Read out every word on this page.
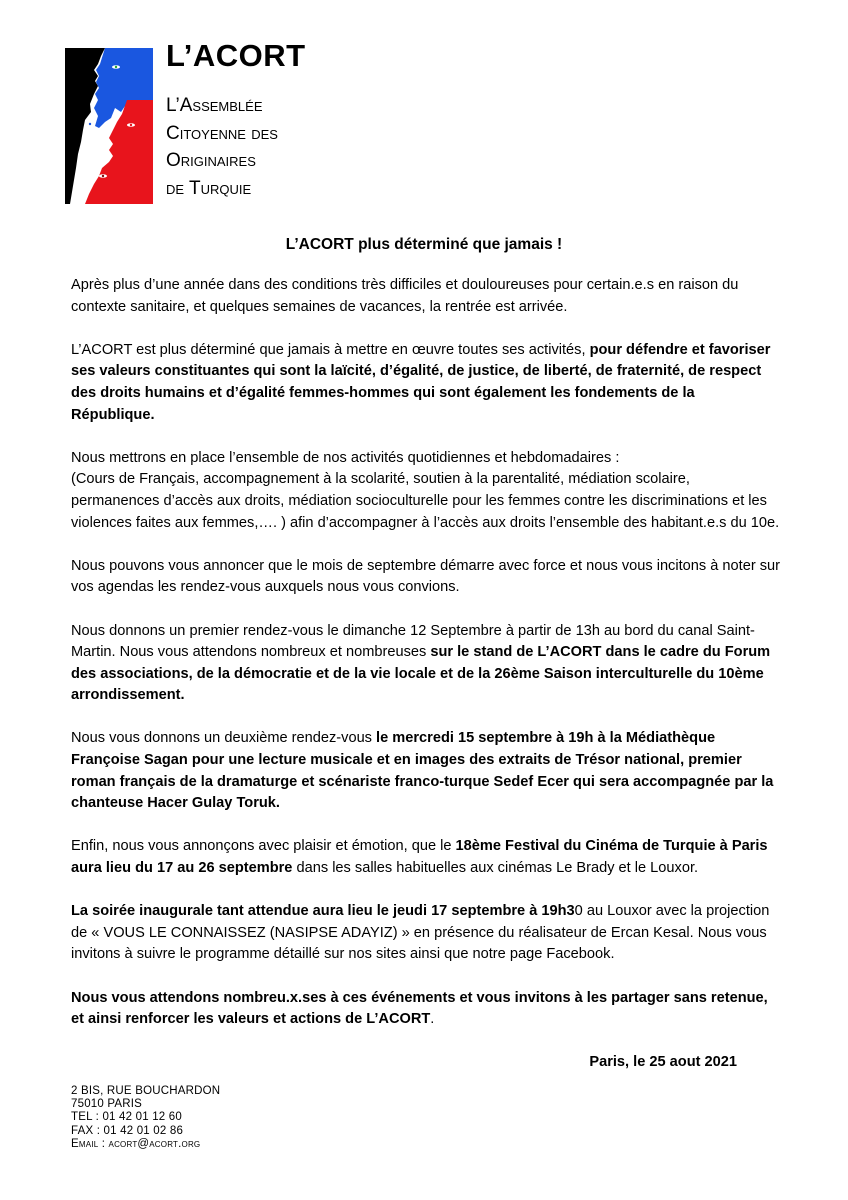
L’ACORT
L’Assemblée
Citoyenne des
Originaires
de Turquie
L’ACORT plus déterminé que jamais !

Après plus d’une année dans des conditions très difficiles et douloureuses pour certain.e.s en raison du contexte sanitaire, et quelques semaines de vacances, la rentrée est arrivée.

L’ACORT est plus déterminé que jamais à mettre en œuvre toutes ses activités, pour défendre et favoriser ses valeurs constituantes qui sont la laïcité, d’égalité, de justice, de liberté, de fraternité, de respect des droits humains et d’égalité femmes-hommes qui sont également les fondements de la République.

Nous mettrons en place l’ensemble de nos activités quotidiennes et hebdomadaires :
(Cours de Français, accompagnement à la scolarité, soutien à la parentalité, médiation scolaire, permanences d’accès aux droits, médiation socioculturelle pour les femmes contre les discriminations et les violences faites aux femmes,…. ) afin d’accompagner à l’accès aux droits l’ensemble des habitant.e.s du 10e.

Nous pouvons vous annoncer que le mois de septembre démarre avec force et nous vous incitons à noter sur vos agendas les rendez-vous auxquels nous vous convions.

Nous donnons un premier rendez-vous le dimanche 12 Septembre à partir de 13h au bord du canal Saint-Martin. Nous vous attendons nombreux et nombreuses sur le stand de L’ACORT dans le cadre du Forum des associations, de la démocratie et de la vie locale et de la 26ème Saison interculturelle du 10ème arrondissement.

Nous vous donnons un deuxième rendez-vous le mercredi 15 septembre à 19h à la Médiathèque Françoise Sagan pour une lecture musicale et en images des extraits de Trésor national, premier roman français de la dramaturge et scénariste franco-turque Sedef Ecer qui sera accompagnée par la chanteuse Hacer Gulay Toruk.

Enfin, nous vous annonçons avec plaisir et émotion, que le 18ème Festival du Cinéma de Turquie à Paris aura lieu du 17 au 26 septembre dans les salles habituelles aux cinémas Le Brady et le Louxor.

La soirée inaugurale tant attendue aura lieu le jeudi 17 septembre à 19h30 au Louxor avec la projection de « VOUS LE CONNAISSEZ (NASIPSE ADAYIZ) » en présence du réalisateur de Ercan Kesal. Nous vous invitons à suivre le programme détaillé sur nos sites ainsi que notre page Facebook.

Nous vous attendons nombreu.x.ses à ces événements et vous invitons à les partager sans retenue, et ainsi renforcer les valeurs et actions de L’ACORT.

Paris, le 25 aout 2021

2 BIS, RUE BOUCHARDON
75010 PARIS
TEL : 01 42 01 12 60
FAX : 01 42 01 02 86
Email : acort@acort.org
